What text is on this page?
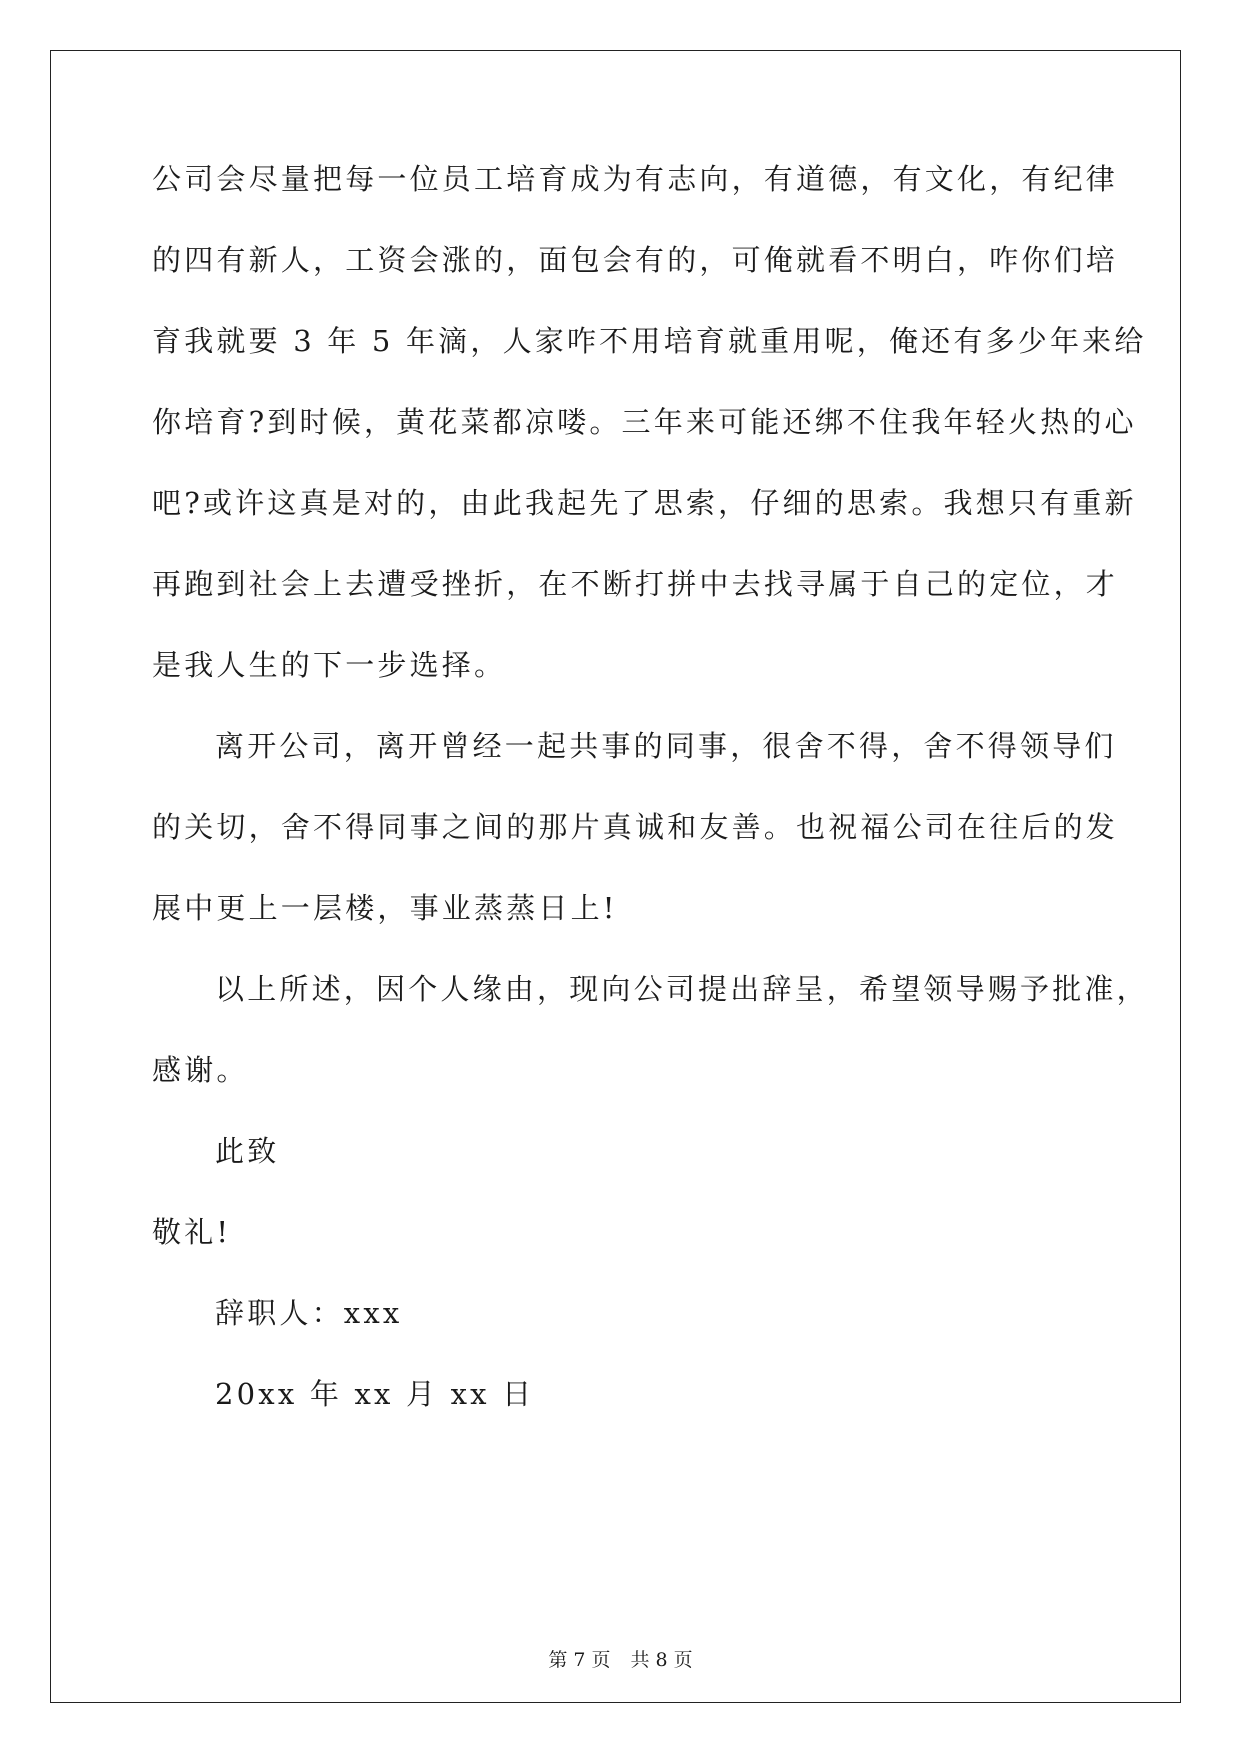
公司会尽量把每一位员工培育成为有志向，有道德，有文化，有纪律
的四有新人，工资会涨的，面包会有的，可俺就看不明白，咋你们培
育我就要 3 年 5 年滴，人家咋不用培育就重用呢，俺还有多少年来给
你培育?到时候，黄花菜都凉喽。三年来可能还绑不住我年轻火热的心
吧?或许这真是对的，由此我起先了思索，仔细的思索。我想只有重新
再跑到社会上去遭受挫折，在不断打拼中去找寻属于自己的定位，才
是我人生的下一步选择。
离开公司，离开曾经一起共事的同事，很舍不得，舍不得领导们
的关切，舍不得同事之间的那片真诚和友善。也祝福公司在往后的发
展中更上一层楼，事业蒸蒸日上!
以上所述，因个人缘由，现向公司提出辞呈，希望领导赐予批准，
感谢。
此致
敬礼!
辞职人：xxx
20xx 年 xx 月 xx 日
第 7 页 共 8 页
